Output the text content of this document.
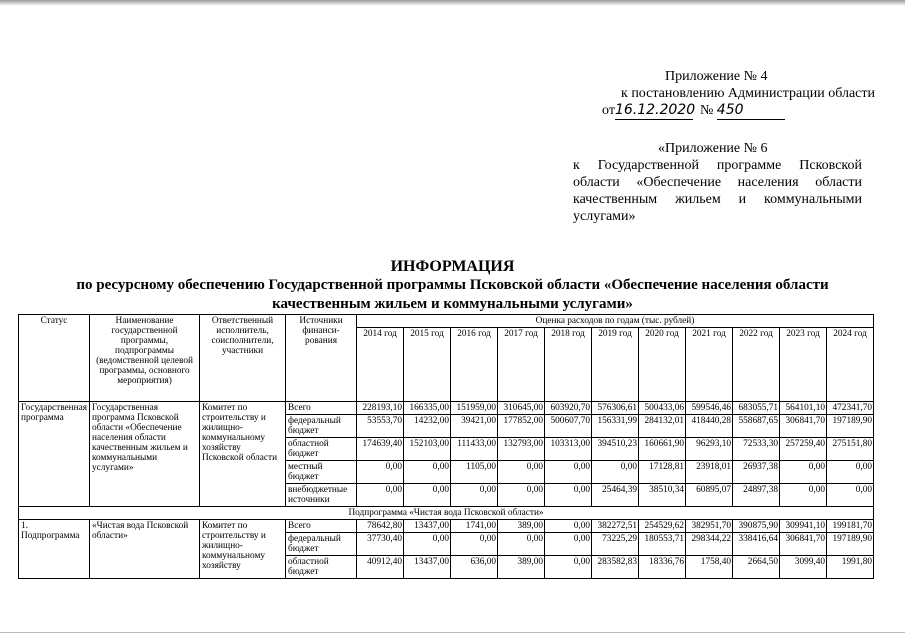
Приложение № 4
к постановлению Администрации области
от16.12.2020 № 450
«Приложение № 6
к Государственной программе Псковской области «Обеспечение населения области качественным жильем и коммунальными услугами»
ИНФОРМАЦИЯ
по ресурсному обеспечению Государственной программы Псковской области «Обеспечение населения области качественным жильем и коммунальными услугами»
Статус	Наименование государственной программы, подпрограммы (ведомственной целевой программы, основного мероприятия)	Ответственный исполнитель, соисполнители, участники	Источники финанси-рования	Оценка расходов по годам (тыс. рублей)										
				2014 год	2015 год	2016 год	2017 год	2018 год	2019 год	2020 год	2021 год	2022 год	2023 год	2024 год
Государственная программа	Государственная программа Псковской области «Обеспечение населения области качественным жильем и коммунальными услугами»	Комитет по строительству и жилищно-коммунальному хозяйству Псковской области	Всего	228193,10	166335,00	151959,00	310645,00	603920,70	576306,61	500433,06	599546,46	683055,71	564101,10	472341,70
			федеральный бюджет	53553,70	14232,00	39421,00	177852,00	500607,70	156331,99	284132,01	418440,28	558687,65	306841,70	197189,90
			областной бюджет	174639,40	152103,00	111433,00	132793,00	103313,00	394510,23	160661,90	96293,10	72533,30	257259,40	275151,80
			местный бюджет	0,00	0,00	1105,00	0,00	0,00	0,00	17128,81	23918,01	26937,38	0,00	0,00
			внебюджетные источники	0,00	0,00	0,00	0,00	0,00	25464,39	38510,34	60895,07	24897,38	0,00	0,00
Подпрограмма «Чистая вода Псковской области»														
1. Подпрограмма	«Чистая вода Псковской области»	Комитет по строительству и жилищно-коммунальному хозяйству	Всего	78642,80	13437,00	1741,00	389,00	0,00	382272,51	254529,62	382951,70	390875,90	309941,10	199181,70
			федеральный бюджет	37730,40	0,00	0,00	0,00	0,00	73225,29	180553,71	298344,22	338416,64	306841,70	197189,90
			областной бюджет	40912,40	13437,00	636,00	389,00	0,00	283582,83	18336,76	1758,40	2664,50	3099,40	1991,80
